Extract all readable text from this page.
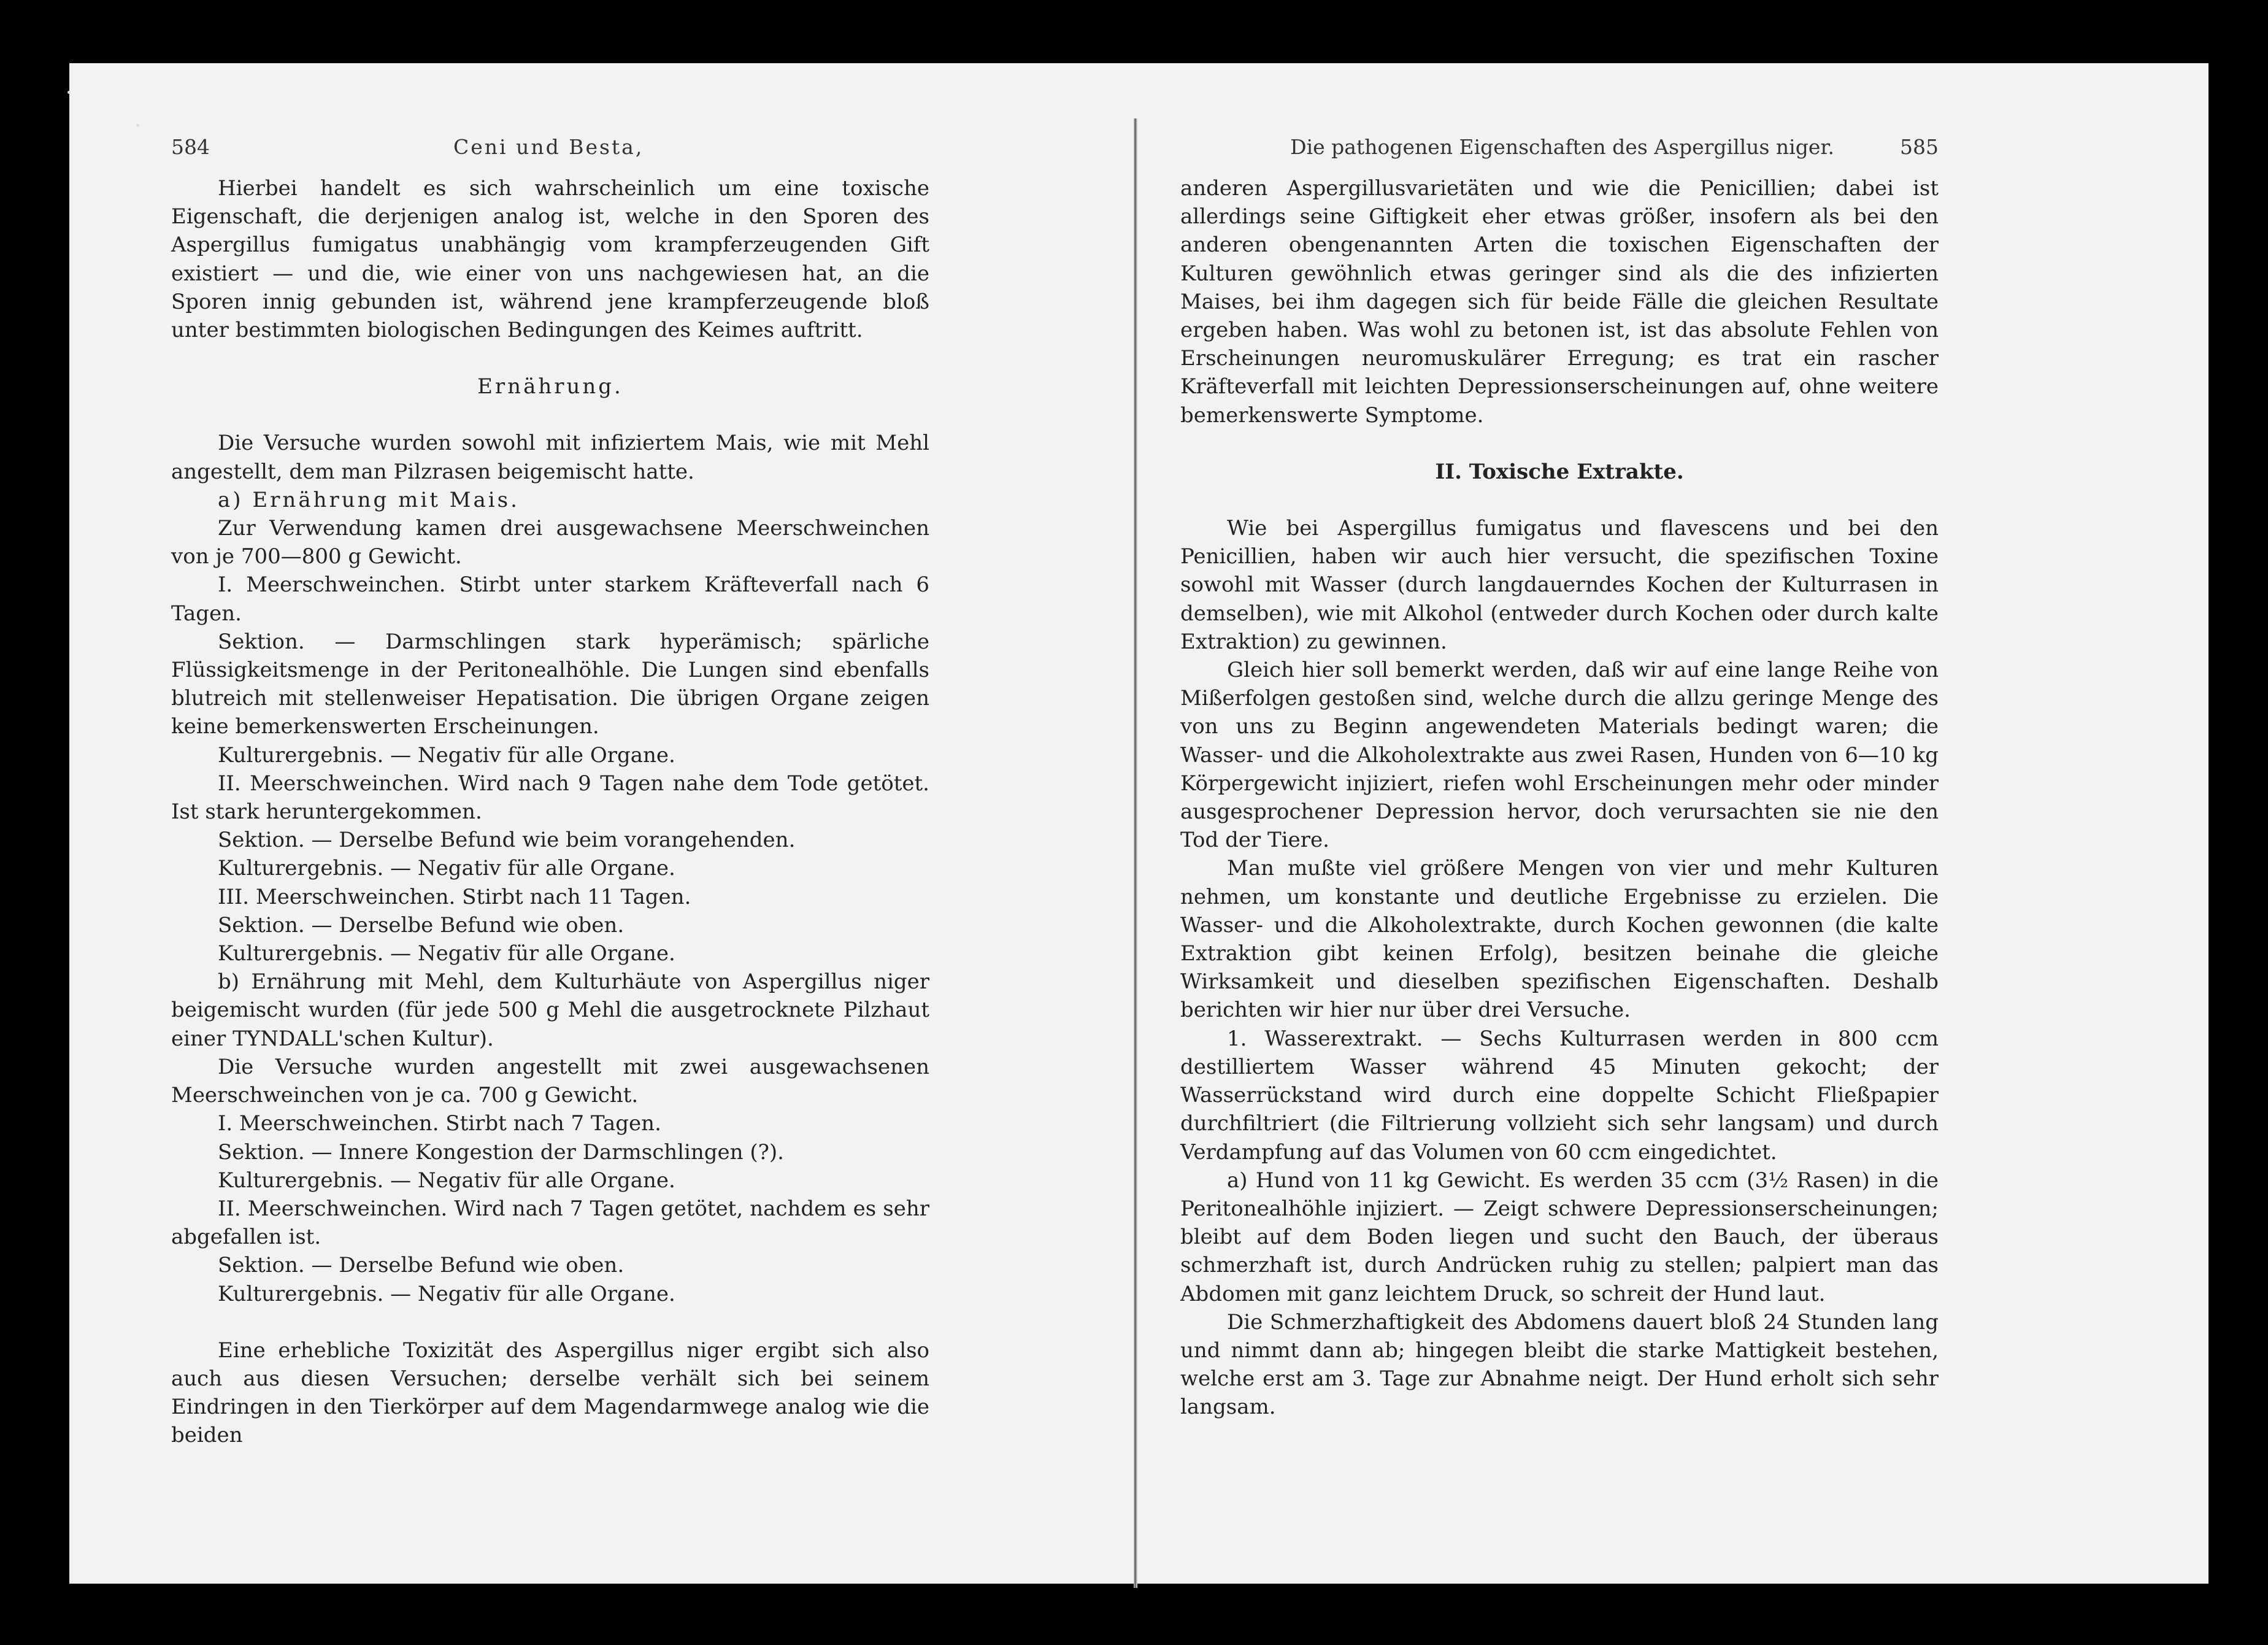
584	Ceni und Besta,

Hierbei handelt es sich wahrscheinlich um eine toxische Eigenschaft, die derjenigen analog ist, welche in den Sporen des Aspergillus fumigatus unabhängig vom krampferzeugenden Gift existiert — und die, wie einer von uns nachgewiesen hat, an die Sporen innig gebunden ist, während jene krampferzeugende bloß unter bestimmten biologischen Bedingungen des Keimes auftritt.

Ernährung.

Die Versuche wurden sowohl mit infiziertem Mais, wie mit Mehl angestellt, dem man Pilzrasen beigemischt hatte.

a) Ernährung mit Mais.

Zur Verwendung kamen drei ausgewachsene Meerschweinchen von je 700—800 g Gewicht.

I. Meerschweinchen. Stirbt unter starkem Kräfteverfall nach 6 Tagen.

Sektion. — Darmschlingen stark hyperämisch; spärliche Flüssigkeitsmenge in der Peritonealhöhle. Die Lungen sind ebenfalls blutreich mit stellenweiser Hepatisation. Die übrigen Organe zeigen keine bemerkenswerten Erscheinungen.

Kulturergebnis. — Negativ für alle Organe.

II. Meerschweinchen. Wird nach 9 Tagen nahe dem Tode getötet. Ist stark heruntergekommen.

Sektion. — Derselbe Befund wie beim vorangehenden.

Kulturergebnis. — Negativ für alle Organe.

III. Meerschweinchen. Stirbt nach 11 Tagen.

Sektion. — Derselbe Befund wie oben.

Kulturergebnis. — Negativ für alle Organe.

b) Ernährung mit Mehl, dem Kulturhäute von Aspergillus niger beigemischt wurden (für jede 500 g Mehl die ausgetrocknete Pilzhaut einer TYNDALL'schen Kultur).

Die Versuche wurden angestellt mit zwei ausgewachsenen Meerschweinchen von je ca. 700 g Gewicht.

I. Meerschweinchen. Stirbt nach 7 Tagen.

Sektion. — Innere Kongestion der Darmschlingen (?).

Kulturergebnis. — Negativ für alle Organe.

II. Meerschweinchen. Wird nach 7 Tagen getötet, nachdem es sehr abgefallen ist.

Sektion. — Derselbe Befund wie oben.

Kulturergebnis. — Negativ für alle Organe.

Eine erhebliche Toxizität des Aspergillus niger ergibt sich also auch aus diesen Versuchen; derselbe verhält sich bei seinem Eindringen in den Tierkörper auf dem Magendarmwege analog wie die beiden

Die pathogenen Eigenschaften des Aspergillus niger.	585

anderen Aspergillusvarietäten und wie die Penicillien; dabei ist allerdings seine Giftigkeit eher etwas größer, insofern als bei den anderen obengenannten Arten die toxischen Eigenschaften der Kulturen gewöhnlich etwas geringer sind als die des infizierten Maises, bei ihm dagegen sich für beide Fälle die gleichen Resultate ergeben haben. Was wohl zu betonen ist, ist das absolute Fehlen von Erscheinungen neuromuskulärer Erregung; es trat ein rascher Kräfteverfall mit leichten Depressionserscheinungen auf, ohne weitere bemerkenswerte Symptome.

II. Toxische Extrakte.

Wie bei Aspergillus fumigatus und flavescens und bei den Penicillien, haben wir auch hier versucht, die spezifischen Toxine sowohl mit Wasser (durch langdauerndes Kochen der Kulturrasen in demselben), wie mit Alkohol (entweder durch Kochen oder durch kalte Extraktion) zu gewinnen.

Gleich hier soll bemerkt werden, daß wir auf eine lange Reihe von Mißerfolgen gestoßen sind, welche durch die allzu geringe Menge des von uns zu Beginn angewendeten Materials bedingt waren; die Wasser- und die Alkoholextrakte aus zwei Rasen, Hunden von 6—10 kg Körpergewicht injiziert, riefen wohl Erscheinungen mehr oder minder ausgesprochener Depression hervor, doch verursachten sie nie den Tod der Tiere.

Man mußte viel größere Mengen von vier und mehr Kulturen nehmen, um konstante und deutliche Ergebnisse zu erzielen. Die Wasser- und die Alkoholextrakte, durch Kochen gewonnen (die kalte Extraktion gibt keinen Erfolg), besitzen beinahe die gleiche Wirksamkeit und dieselben spezifischen Eigenschaften. Deshalb berichten wir hier nur über drei Versuche.

1. Wasserextrakt. — Sechs Kulturrasen werden in 800 ccm destilliertem Wasser während 45 Minuten gekocht; der Wasserrückstand wird durch eine doppelte Schicht Fließpapier durchfiltriert (die Filtrierung vollzieht sich sehr langsam) und durch Verdampfung auf das Volumen von 60 ccm eingedichtet.

a) Hund von 11 kg Gewicht. Es werden 35 ccm (3½ Rasen) in die Peritonealhöhle injiziert. — Zeigt schwere Depressionserscheinungen; bleibt auf dem Boden liegen und sucht den Bauch, der überaus schmerzhaft ist, durch Andrücken ruhig zu stellen; palpiert man das Abdomen mit ganz leichtem Druck, so schreit der Hund laut.

Die Schmerzhaftigkeit des Abdomens dauert bloß 24 Stunden lang und nimmt dann ab; hingegen bleibt die starke Mattigkeit bestehen, welche erst am 3. Tage zur Abnahme neigt. Der Hund erholt sich sehr langsam.
